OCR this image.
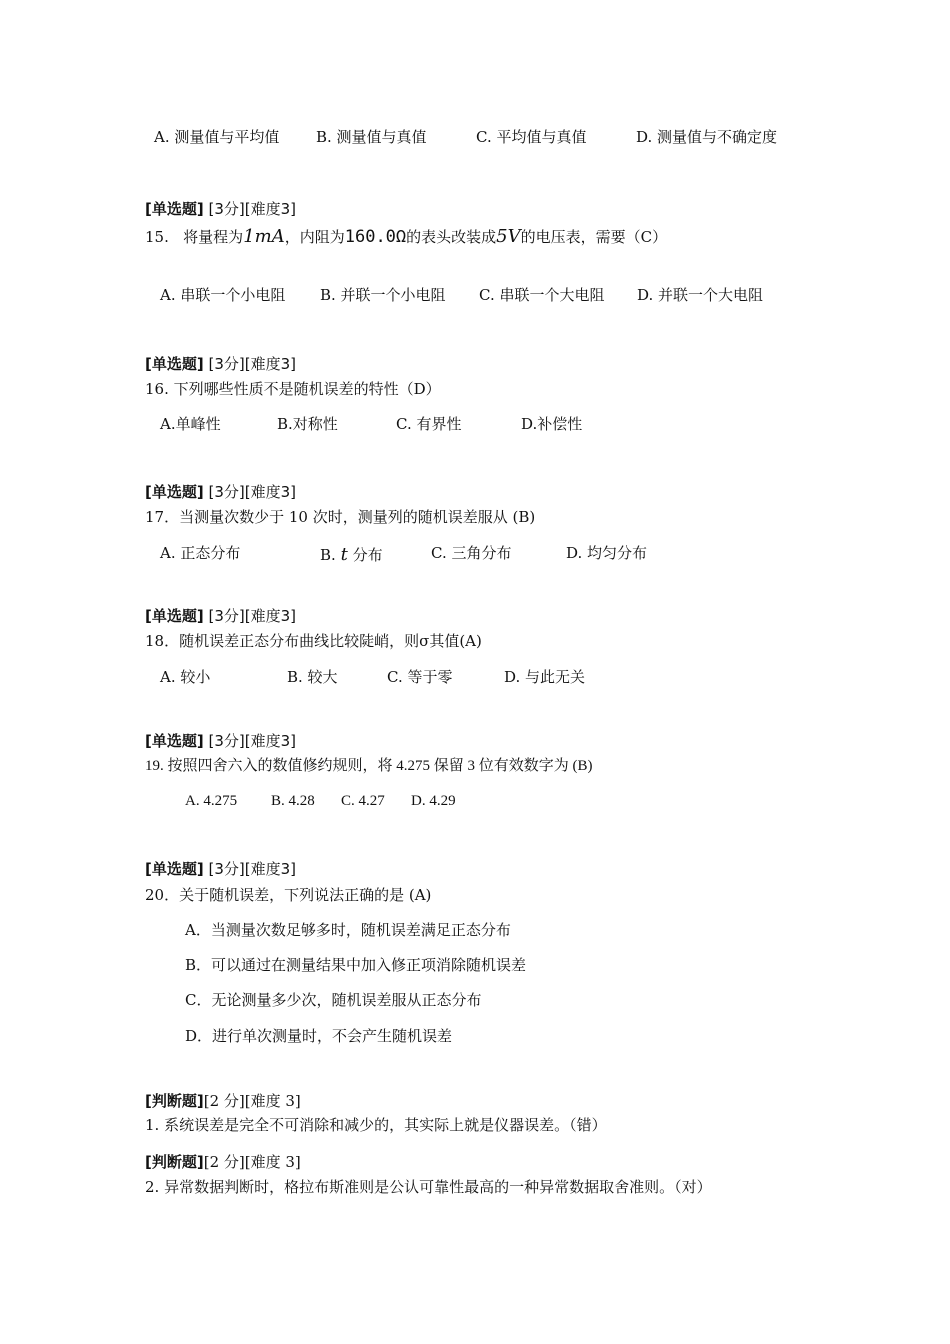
A. 测量值与平均值 B. 测量值与真值	C. 平均值与真值	D. 测量值与不确定度
[单选题] [3分][难度3]
15. 将量程为1mA，内阻为160.0Ω的表头改装成5V的电压表，需要（C）
A. 串联一个小电阻 B. 并联一个小电阻 C. 串联一个大电阻 D. 并联一个大电阻
[单选题] [3分][难度3]
16. 下列哪些性质不是随机误差的特性（D）
A.单峰性	B.对称性	C. 有界性	D.补偿性
[单选题] [3分][难度3]
17．当测量次数少于 10 次时，测量列的随机误差服从 (B)
A. 正态分布	B. t 分布	C. 三角分布	D. 均匀分布
[单选题] [3分][难度3]
18．随机误差正态分布曲线比较陡峭，则σ其值(A)
A. 较小	B. 较大	C. 等于零	D. 与此无关
[单选题] [3分][难度3]
19. 按照四舍六入的数值修约规则，将 4.275 保留 3 位有效数字为 (B)
A. 4.275 B. 4.28 C. 4.27 D. 4.29
[单选题] [3分][难度3]
20．关于随机误差，下列说法正确的是 (A)
A．当测量次数足够多时，随机误差满足正态分布
B．可以通过在测量结果中加入修正项消除随机误差
C．无论测量多少次，随机误差服从正态分布
D．进行单次测量时，不会产生随机误差
[判断题][2 分][难度 3]
1. 系统误差是完全不可消除和减少的，其实际上就是仪器误差。（错）
[判断题][2 分][难度 3]
2. 异常数据判断时，格拉布斯准则是公认可靠性最高的一种异常数据取舍准则。（对）
